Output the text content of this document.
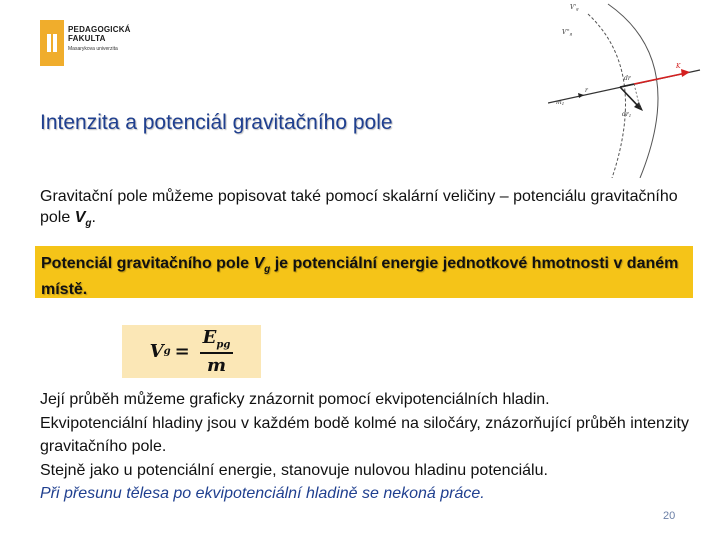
PEDAGOGICKÁ
FAKULTA
Masarykova univerzita
V'g
V''g
r
dr
dr1
m1
K
Intenzita a potenciál gravitačního pole
Gravitační pole můžeme popisovat také pomocí skalární veličiny – potenciálu gravitačního pole $V_g$.
Potenciál gravitačního pole $V_g$ je potenciální energie jednotkové hmotnosti v daném místě.
V $g = \frac{E_{pg}}{m}$
Její průběh můžeme graficky znázornit pomocí ekvipotenciálních hladin.
Ekvipotenciální hladiny jsou v každém bodě kolmé na siločáry, znázorňující průběh intenzity gravitačního pole.
Stejně jako u potenciální energie, stanovuje nulovou hladinu potenciálu.
Při přesunu tělesa po ekvipotenciální hladině se nekoná práce.
20
